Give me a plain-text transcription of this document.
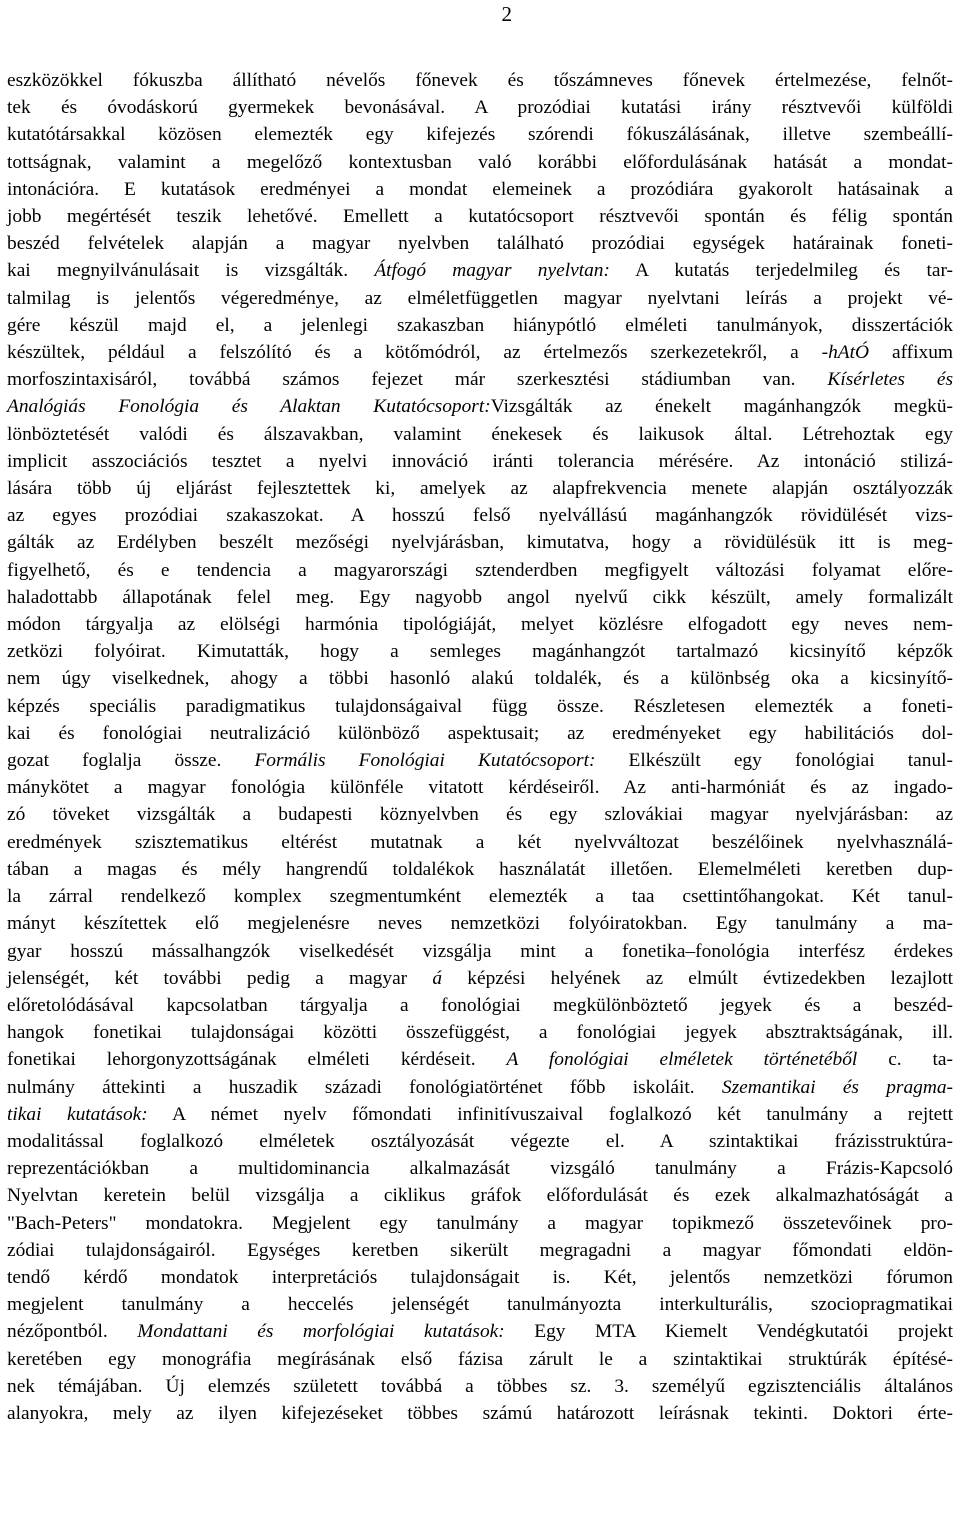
2
eszközökkel fókuszba állítható névelős főnevek és tőszámneves főnevek értelmezése, felnőt-
tek és óvodáskorú gyermekek bevonásával. A prozódiai kutatási irány résztvevői külföldi
kutatótársakkal közösen elemezték egy kifejezés szórendi fókuszálásának, illetve szembeállí-
tottságnak, valamint a megelőző kontextusban való korábbi előfordulásának hatását a mondat-
intonációra. E kutatások eredményei a mondat elemeinek a prozódiára gyakorolt hatásainak a
jobb megértését teszik lehetővé. Emellett a kutatócsoport résztvevői spontán és félig spontán
beszéd felvételek alapján a magyar nyelvben található prozódiai egységek határainak foneti-
kai megnyilvánulásait is vizsgálták. Átfogó magyar nyelvtan: A kutatás terjedelmileg és tar-
talmilag is jelentős végeredménye, az elméletfüggetlen magyar nyelvtani leírás a projekt vé-
gére készül majd el, a jelenlegi szakaszban hiánypótló elméleti tanulmányok, disszertációk
készültek, például a felszólító és a kötőmódról, az értelmezős szerkezetekről, a -hAtÓ affixum
morfoszintaxisáról, továbbá számos fejezet már szerkesztési stádiumban van. Kísérletes és
Analógiás Fonológia és Alaktan Kutatócsoport:Vizsgálták az énekelt magánhangzók megkü-
lönböztetését valódi és álszavakban, valamint énekesek és laikusok által. Létrehoztak egy
implicit asszociációs tesztet a nyelvi innováció iránti tolerancia mérésére. Az intonáció stilizá-
lására több új eljárást fejlesztettek ki, amelyek az alapfrekvencia menete alapján osztályozzák
az egyes prozódiai szakaszokat. A hosszú felső nyelvállású magánhangzók rövidülését vizs-
gálták az Erdélyben beszélt mezőségi nyelvjárásban, kimutatva, hogy a rövidülésük itt is meg-
figyelhető, és e tendencia a magyarországi sztenderdben megfigyelt változási folyamat előre-
haladottabb állapotának felel meg. Egy nagyobb angol nyelvű cikk készült, amely formalizált
módon tárgyalja az elölségi harmónia tipológiáját, melyet közlésre elfogadott egy neves nem-
zetközi folyóirat. Kimutatták, hogy a semleges magánhangzót tartalmazó kicsinyítő képzők
nem úgy viselkednek, ahogy a többi hasonló alakú toldalék, és a különbség oka a kicsinyítő-
képzés speciális paradigmatikus tulajdonságaival függ össze. Részletesen elemezték a foneti-
kai és fonológiai neutralizáció különböző aspektusait; az eredményeket egy habilitációs dol-
gozat foglalja össze. Formális Fonológiai Kutatócsoport: Elkészült egy fonológiai tanul-
mánykötet a magyar fonológia különféle vitatott kérdéseiről. Az anti-harmóniát és az ingado-
zó töveket vizsgálták a budapesti köznyelvben és egy szlovákiai magyar nyelvjárásban: az
eredmények szisztematikus eltérést mutatnak a két nyelvváltozat beszélőinek nyelvhasználá-
tában a magas és mély hangrendű toldalékok használatát illetően. Elemelméleti keretben dup-
la zárral rendelkező komplex szegmentumként elemezték a taa csettintőhangokat. Két tanul-
mányt készítettek elő megjelenésre neves nemzetközi folyóiratokban. Egy tanulmány a ma-
gyar hosszú mássalhangzók viselkedését vizsgálja mint a fonetika–fonológia interfész érdekes
jelenségét, két további pedig a magyar á képzési helyének az elmúlt évtizedekben lezajlott
előretolódásával kapcsolatban tárgyalja a fonológiai megkülönböztető jegyek és a beszéd-
hangok fonetikai tulajdonságai közötti összefüggést, a fonológiai jegyek absztraktságának, ill.
fonetikai lehorgonyzottságának elméleti kérdéseit. A fonológiai elméletek történetéből c. ta-
nulmány áttekinti a huszadik századi fonológiatörténet főbb iskoláit. Szemantikai és pragma-
tikai kutatások: A német nyelv főmondati infinitívuszaival foglalkozó két tanulmány a rejtett
modalitással foglalkozó elméletek osztályozását végezte el. A szintaktikai frázisstruktúra-
reprezentációkban a multidominancia alkalmazását vizsgáló tanulmány a Frázis-Kapcsoló
Nyelvtan keretein belül vizsgálja a ciklikus gráfok előfordulását és ezek alkalmazhatóságát a
"Bach-Peters" mondatokra. Megjelent egy tanulmány a magyar topikmező összetevőinek pro-
zódiai tulajdonságairól. Egységes keretben sikerült megragadni a magyar főmondati eldön-
tendő kérdő mondatok interpretációs tulajdonságait is. Két, jelentős nemzetközi fórumon
megjelent tanulmány a heccelés jelenségét tanulmányozta interkulturális, szociopragmatikai
nézőpontból. Mondattani és morfológiai kutatások: Egy MTA Kiemelt Vendégkutatói projekt
keretében egy monográfia megírásának első fázisa zárult le a szintaktikai struktúrák építésé-
nek témájában. Új elemzés született továbbá a többes sz. 3. személyű egzisztenciális általános
alanyokra, mely az ilyen kifejezéseket többes számú határozott leírásnak tekinti. Doktori érte-
